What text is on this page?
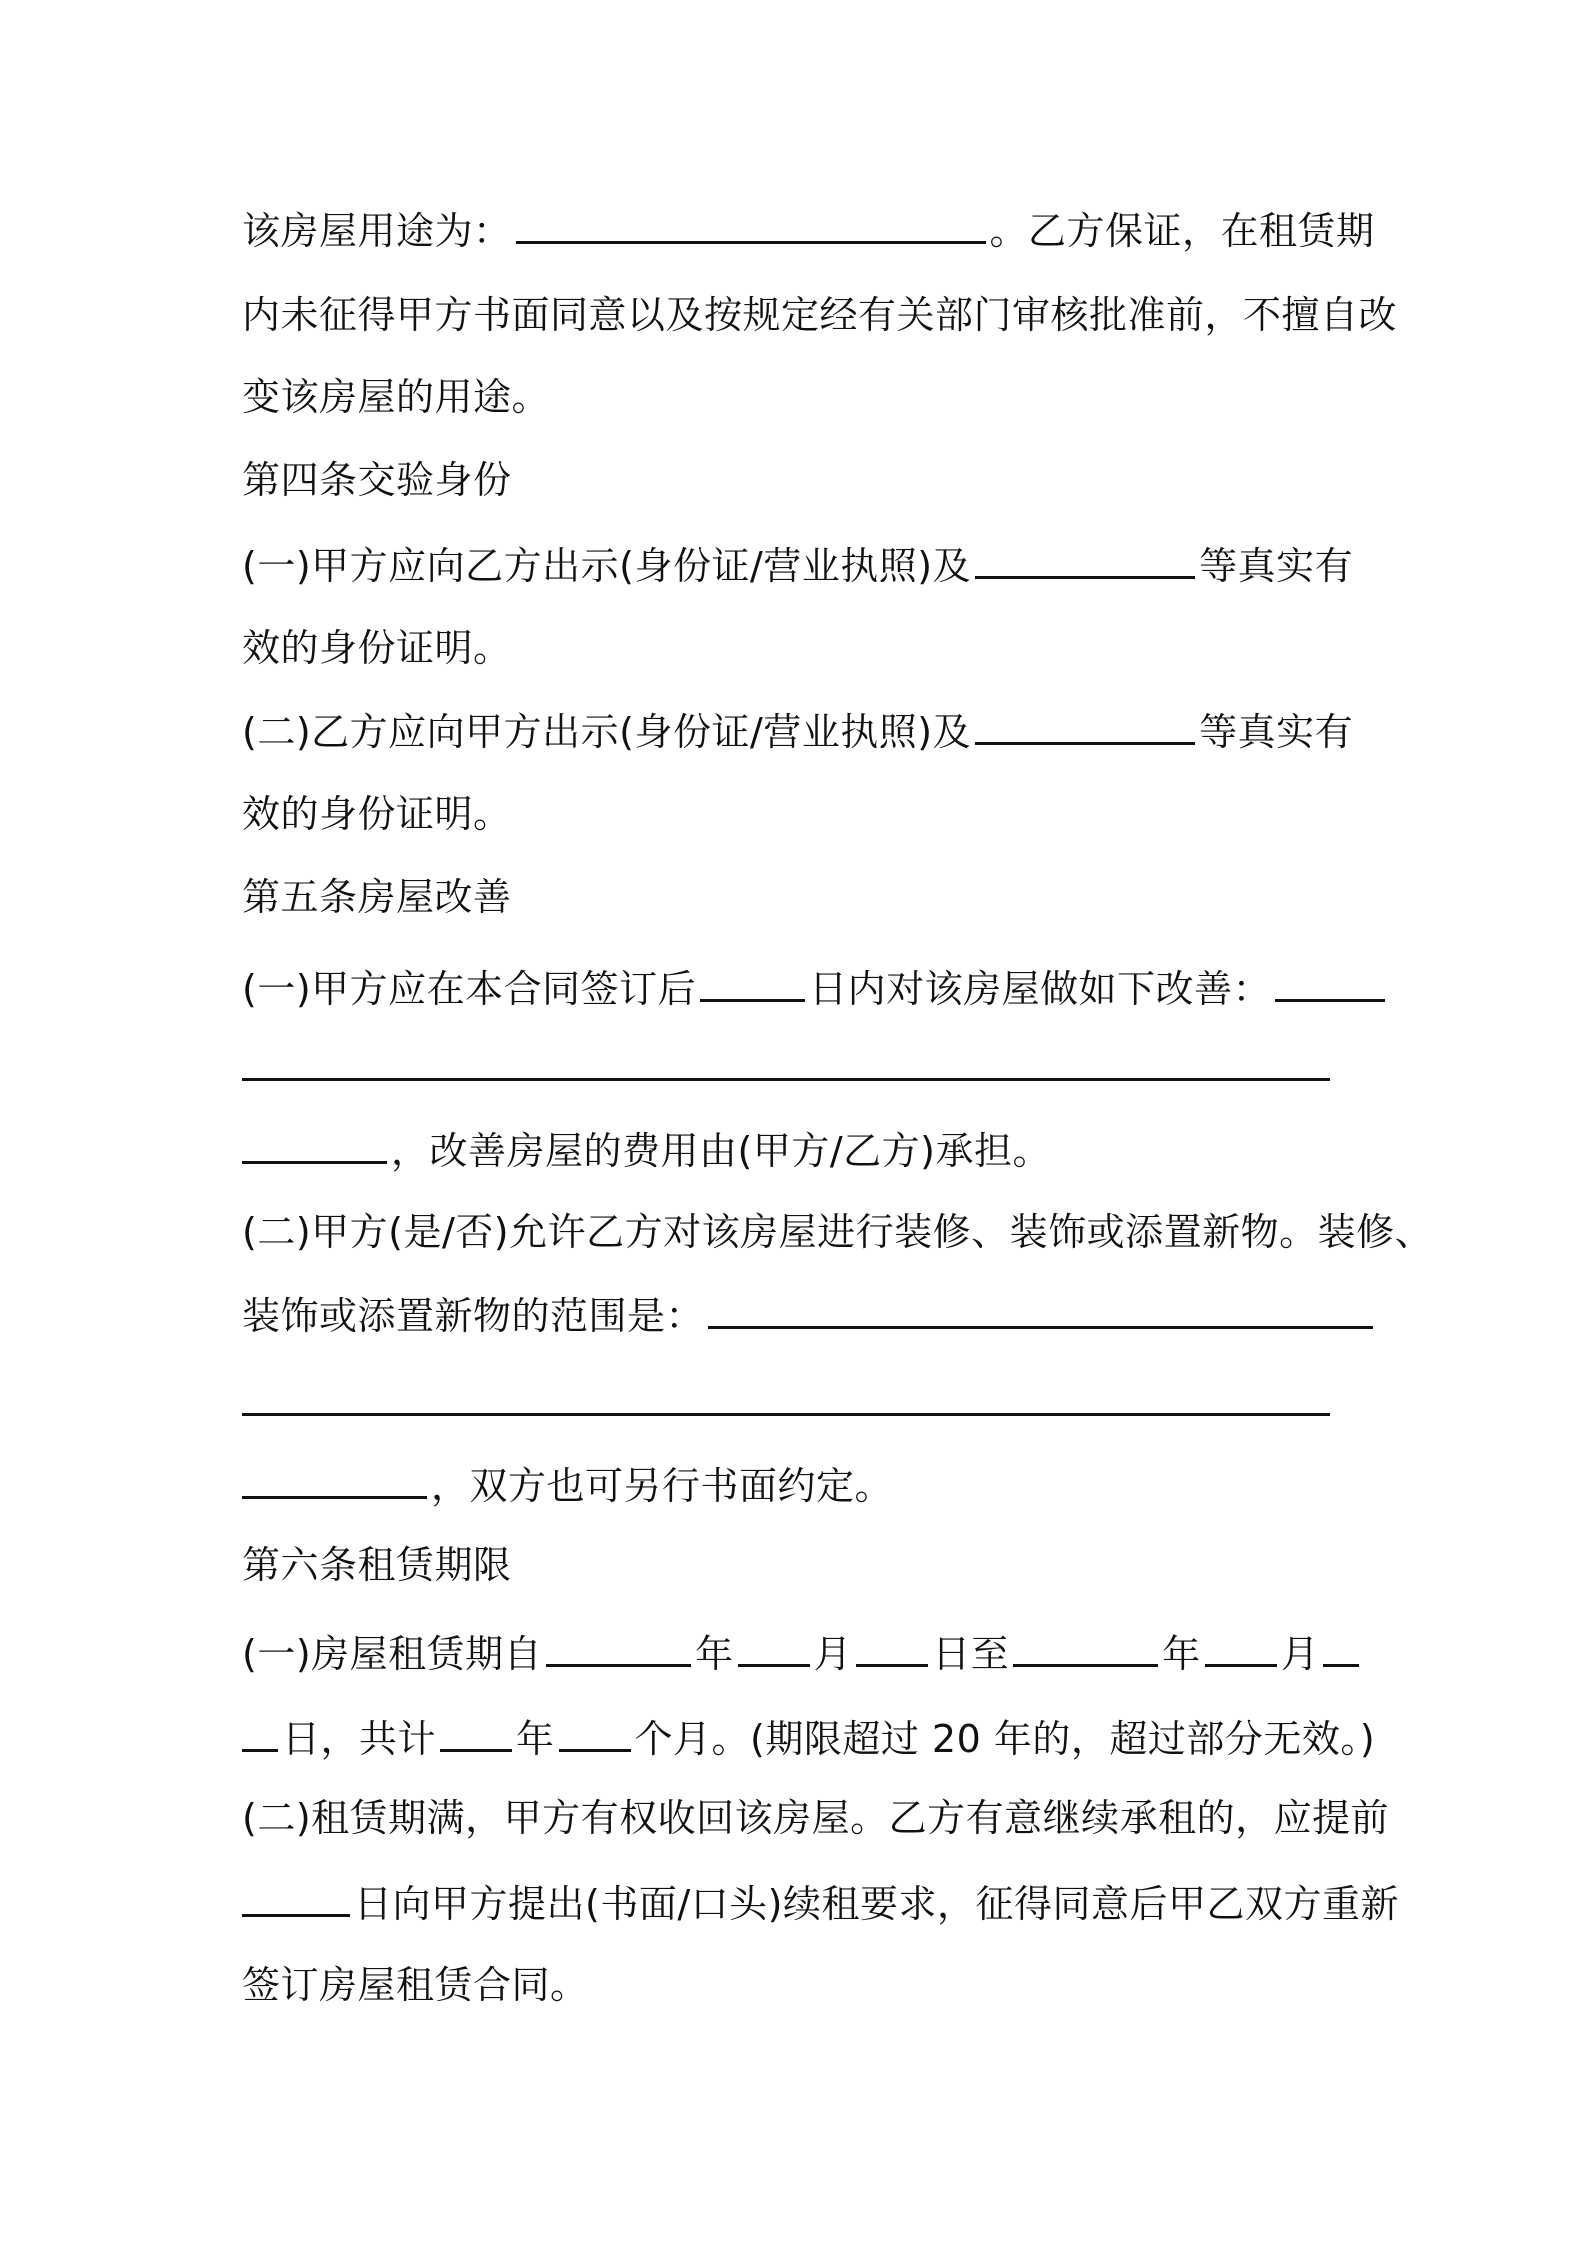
该房屋用途为：	。乙方保证，在租赁期
内未征得甲方书面同意以及按规定经有关部门审核批准前，不擅自改
变该房屋的用途。
第四条交验身份
(一)甲方应向乙方出示(身份证/营业执照)及	等真实有
效的身份证明。
(二)乙方应向甲方出示(身份证/营业执照)及	等真实有
效的身份证明。
第五条房屋改善
(一)甲方应在本合同签订后	日内对该房屋做如下改善：
，改善房屋的费用由(甲方/乙方)承担。
(二)甲方(是/否)允许乙方对该房屋进行装修、装饰或添置新物。装修、
装饰或添置新物的范围是：
，双方也可另行书面约定。
第六条租赁期限
(一)房屋租赁期自	年 月 日至	年 月
日，共计 年 个月。(期限超过 20 年的，超过部分无效。)
(二)租赁期满，甲方有权收回该房屋。乙方有意继续承租的，应提前
日向甲方提出(书面/口头)续租要求，征得同意后甲乙双方重新
签订房屋租赁合同。
